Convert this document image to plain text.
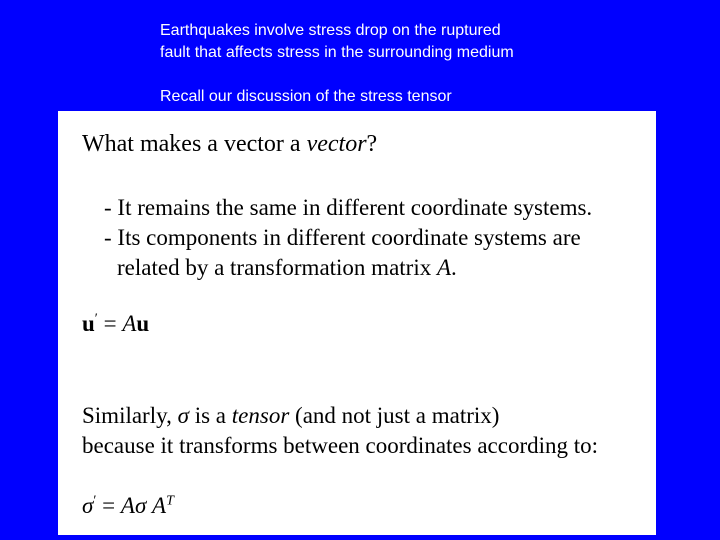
Earthquakes involve stress drop on the ruptured
fault that affects stress in the surrounding medium
Recall our discussion of the stress tensor
What makes a vector a vector?
- It remains the same in different coordinate systems.
- Its components in different coordinate systems are
related by a transformation matrix A.
u′ = Au
Similarly, σ is a tensor (and not just a matrix)
because it transforms between coordinates according to:
σ′ = Aσ $A^T$
